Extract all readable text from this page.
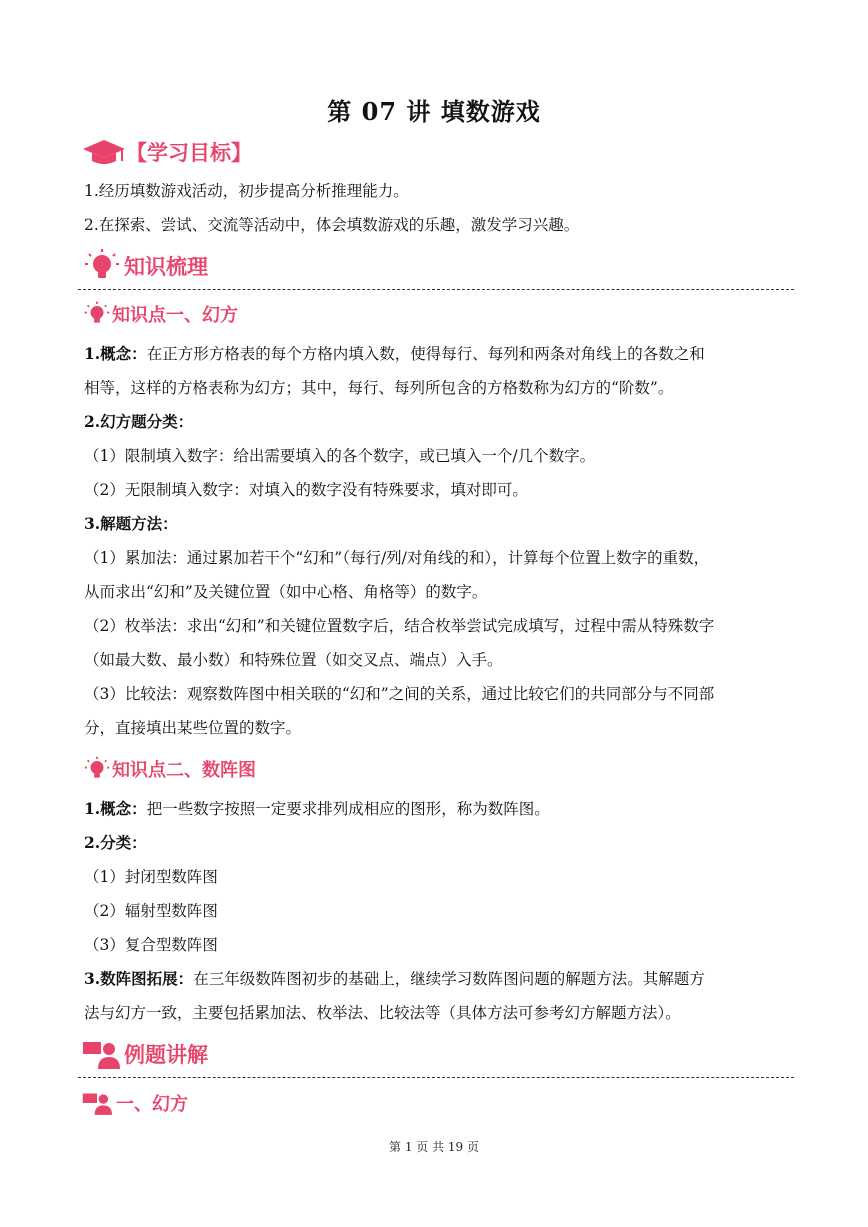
第 07 讲 填数游戏
【学习目标】
1.经历填数游戏活动，初步提高分析推理能力。
2.在探索、尝试、交流等活动中，体会填数游戏的乐趣，激发学习兴趣。
知识梳理
知识点一、幻方
1.概念：在正方形方格表的每个方格内填入数，使得每行、每列和两条对角线上的各数之和
相等，这样的方格表称为幻方；其中，每行、每列所包含的方格数称为幻方的“阶数”。
2.幻方题分类：
（1）限制填入数字：给出需要填入的各个数字，或已填入一个/几个数字。
（2）无限制填入数字：对填入的数字没有特殊要求，填对即可。
3.解题方法：
（1）累加法：通过累加若干个“幻和”（每行/列/对角线的和），计算每个位置上数字的重数，
从而求出“幻和”及关键位置（如中心格、角格等）的数字。
（2）枚举法：求出“幻和”和关键位置数字后，结合枚举尝试完成填写，过程中需从特殊数字
（如最大数、最小数）和特殊位置（如交叉点、端点）入手。
（3）比较法：观察数阵图中相关联的“幻和”之间的关系，通过比较它们的共同部分与不同部
分，直接填出某些位置的数字。
知识点二、数阵图
1.概念：把一些数字按照一定要求排列成相应的图形，称为数阵图。
2.分类：
（1）封闭型数阵图
（2）辐射型数阵图
（3）复合型数阵图
3.数阵图拓展：在三年级数阵图初步的基础上，继续学习数阵图问题的解题方法。其解题方
法与幻方一致，主要包括累加法、枚举法、比较法等（具体方法可参考幻方解题方法）。
例题讲解
一、幻方
第 1 页 共 19 页
